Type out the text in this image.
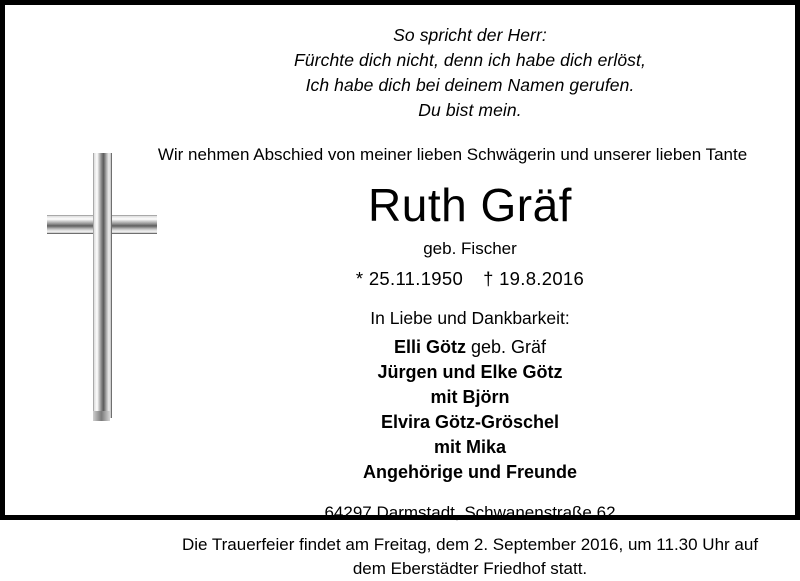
So spricht der Herr:
Fürchte dich nicht, denn ich habe dich erlöst,
Ich habe dich bei deinem Namen gerufen.
Du bist mein.
Wir nehmen Abschied von meiner lieben Schwägerin und unserer lieben Tante
Ruth Gräf
geb. Fischer
* 25.11.1950 † 19.8.2016
In Liebe und Dankbarkeit:
Elli Götz geb. Gräf
Jürgen und Elke Götz
mit Björn
Elvira Götz-Gröschel
mit Mika
Angehörige und Freunde
64297 Darmstadt, Schwanenstraße 62
Die Trauerfeier findet am Freitag, dem 2. September 2016, um 11.30 Uhr auf
dem Eberstädter Friedhof statt.
